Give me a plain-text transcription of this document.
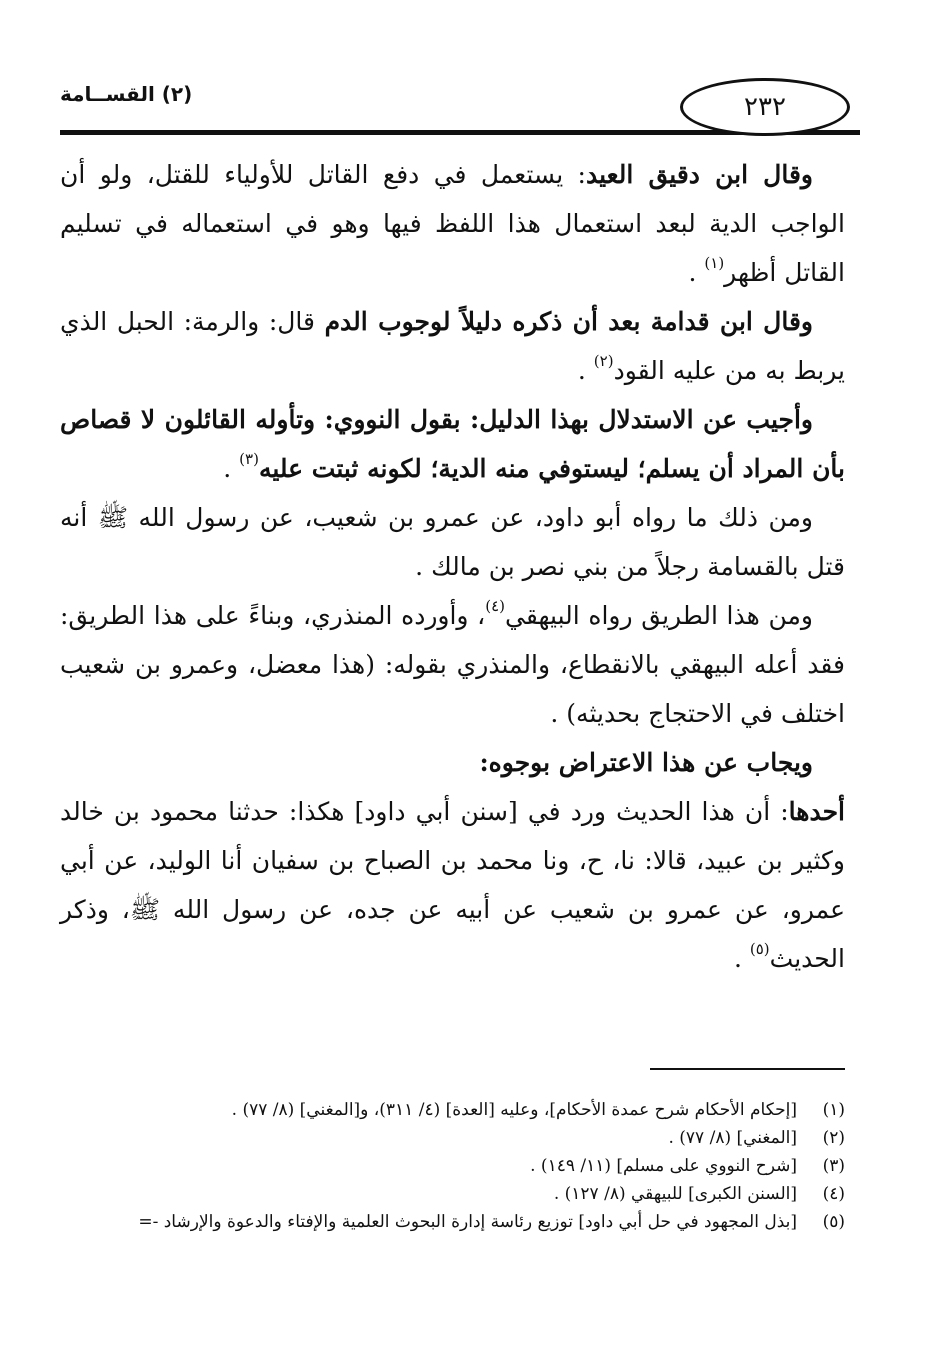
(٢) القســامة	٢٣٢

وقال ابن دقيق العيد: يستعمل في دفع القاتل للأولياء للقتل، ولو أن الواجب الدية لبعد استعمال هذا اللفظ فيها وهو في استعماله في تسليم القاتل أظهر$^{(١)}$ .

وقال ابن قدامة بعد أن ذكره دليلاً لوجوب الدم قال: والرمة: الحبل الذي يربط به من عليه القود$^{(٢)}$ .

وأجيب عن الاستدلال بهذا الدليل: بقول النووي: وتأوله القائلون لا قصاص بأن المراد أن يسلم؛ ليستوفي منه الدية؛ لكونه ثبتت عليه$^{(٣)}$ .

ومن ذلك ما رواه أبو داود، عن عمرو بن شعيب، عن رسول الله ﷺ أنه قتل بالقسامة رجلاً من بني نصر بن مالك .

ومن هذا الطريق رواه البيهقي$^{(٤)}$، وأورده المنذري، وبناءً على هذا الطريق: فقد أعله البيهقي بالانقطاع، والمنذري بقوله: (هذا معضل، وعمرو بن شعيب اختلف في الاحتجاج بحديثه) .

ويجاب عن هذا الاعتراض بوجوه:

أحدها: أن هذا الحديث ورد في [سنن أبي داود] هكذا: حدثنا محمود بن خالد وكثير بن عبيد، قالا: نا، ح، ونا محمد بن الصباح بن سفيان أنا الوليد، عن أبي عمرو، عن عمرو بن شعيب عن أبيه عن جده، عن رسول الله ﷺ، وذكر الحديث$^{(٥)}$ .

(١)
[إحكام الأحكام شرح عمدة الأحكام]، وعليه [العدة] (٤/ ٣١١)، و[المغني] (٨/ ٧٧) .
(٢)
[المغني] (٨/ ٧٧) .
(٣)
[شرح النووي على مسلم] (١١/ ١٤٩) .
(٤)
[السنن الكبرى] للبيهقي (٨/ ١٢٧) .
(٥)
[بذل المجهود في حل أبي داود] توزيع رئاسة إدارة البحوث العلمية والإفتاء والدعوة والإرشاد -=
